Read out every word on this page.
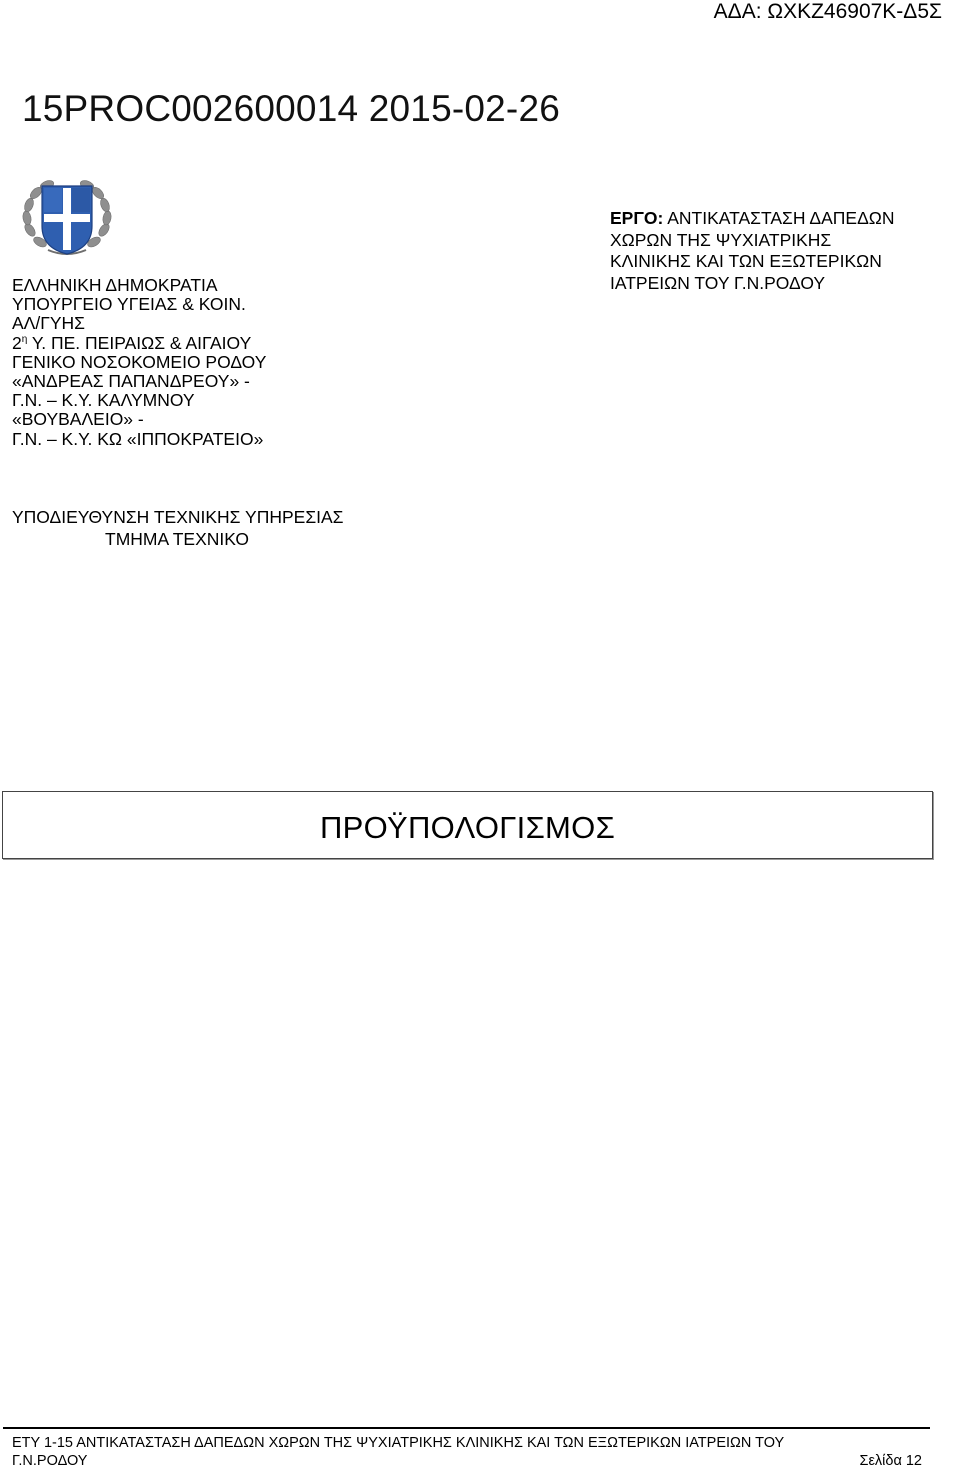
ΑΔΑ: ΩΧΚΖ46907Κ-Δ5Σ
15PROC002600014 2015-02-26
ΕΛΛΗΝΙΚΗ ΔΗΜΟΚΡΑΤΙΑ
ΥΠΟΥΡΓΕΙΟ ΥΓΕΙΑΣ & ΚΟΙΝ.
ΑΛ/ΓΥΗΣ
$2^\eta$ Υ. ΠΕ. ΠΕΙΡΑΙΩΣ & ΑΙΓΑΙΟΥ
ΓΕΝΙΚΟ ΝΟΣΟΚΟΜΕΙΟ ΡΟΔΟΥ
«ΑΝΔΡΕΑΣ ΠΑΠΑΝΔΡΕΟΥ» -
Γ.Ν. – Κ.Υ. ΚΑΛΥΜΝΟΥ
«ΒΟΥΒΑΛΕΙΟ» -
Γ.Ν. – Κ.Υ. ΚΩ «ΙΠΠΟΚΡΑΤΕΙΟ»
ΕΡΓΟ: ΑΝΤΙΚΑΤΑΣΤΑΣΗ ΔΑΠΕΔΩΝ
ΧΩΡΩΝ ΤΗΣ ΨΥΧΙΑΤΡΙΚΗΣ
ΚΛΙΝΙΚΗΣ ΚΑΙ ΤΩΝ ΕΞΩΤΕΡΙΚΩΝ
ΙΑΤΡΕΙΩΝ ΤΟΥ Γ.Ν.ΡΟΔΟΥ
ΥΠΟΔΙΕΥΘΥΝΣΗ ΤΕΧΝΙΚΗΣ ΥΠΗΡΕΣΙΑΣ
ΤΜΗΜΑ ΤΕΧΝΙΚΟ
ΠΡΟΫΠΟΛΟΓΙΣΜΟΣ
ΕΤΥ 1-15 ΑΝΤΙΚΑΤΑΣΤΑΣΗ ΔΑΠΕΔΩΝ ΧΩΡΩΝ ΤΗΣ ΨΥΧΙΑΤΡΙΚΗΣ ΚΛΙΝΙΚΗΣ ΚΑΙ ΤΩΝ ΕΞΩΤΕΡΙΚΩΝ ΙΑΤΡΕΙΩΝ ΤΟΥ
Γ.Ν.ΡΟΔΟΥ	Σελίδα 12
